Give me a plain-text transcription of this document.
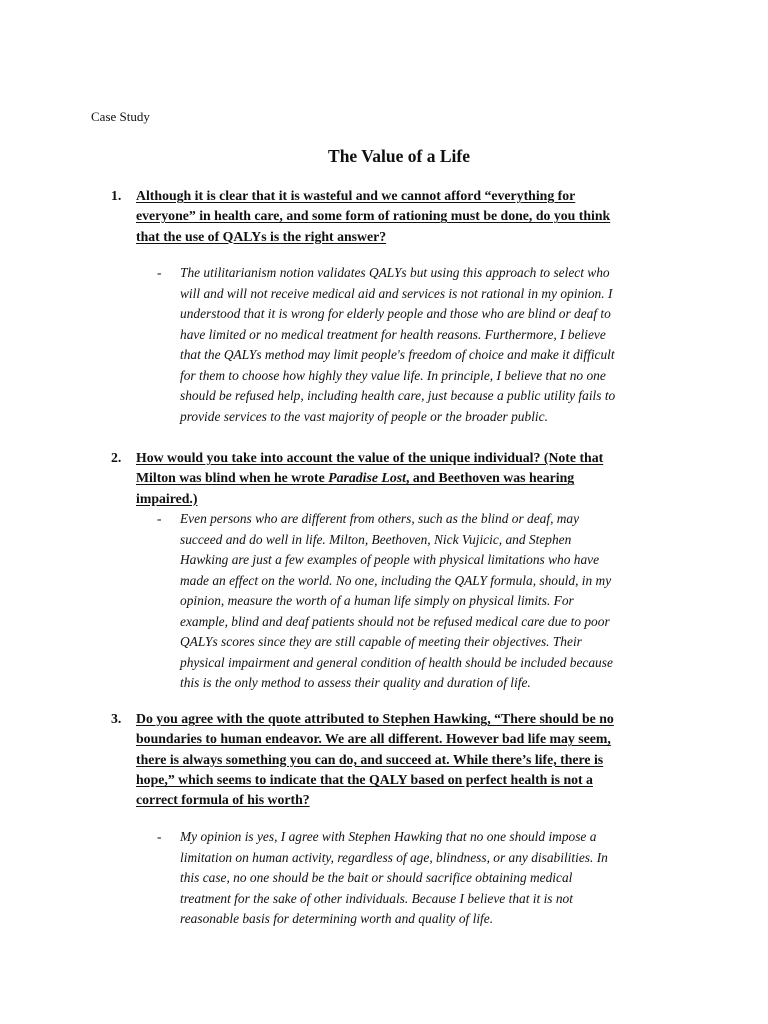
Case Study
The Value of a Life
1.	Although it is clear that it is wasteful and we cannot afford “everything for
everyone” in health care, and some form of rationing must be done, do you think
that the use of QALYs is the right answer?
- The utilitarianism notion validates QALYs but using this approach to select who
will and will not receive medical aid and services is not rational in my opinion. I
understood that it is wrong for elderly people and those who are blind or deaf to
have limited or no medical treatment for health reasons. Furthermore, I believe
that the QALYs method may limit people's freedom of choice and make it difficult
for them to choose how highly they value life. In principle, I believe that no one
should be refused help, including health care, just because a public utility fails to
provide services to the vast majority of people or the broader public.
2.	How would you take into account the value of the unique individual? (Note that
Milton was blind when he wrote Paradise Lost, and Beethoven was hearing
impaired.)
- Even persons who are different from others, such as the blind or deaf, may
succeed and do well in life. Milton, Beethoven, Nick Vujicic, and Stephen
Hawking are just a few examples of people with physical limitations who have
made an effect on the world. No one, including the QALY formula, should, in my
opinion, measure the worth of a human life simply on physical limits. For
example, blind and deaf patients should not be refused medical care due to poor
QALYs scores since they are still capable of meeting their objectives. Their
physical impairment and general condition of health should be included because
this is the only method to assess their quality and duration of life.
3.	Do you agree with the quote attributed to Stephen Hawking, “There should be no
boundaries to human endeavor. We are all different. However bad life may seem,
there is always something you can do, and succeed at. While there’s life, there is
hope,” which seems to indicate that the QALY based on perfect health is not a
correct formula of his worth?
- My opinion is yes, I agree with Stephen Hawking that no one should impose a
limitation on human activity, regardless of age, blindness, or any disabilities. In
this case, no one should be the bait or should sacrifice obtaining medical
treatment for the sake of other individuals. Because I believe that it is not
reasonable basis for determining worth and quality of life.
